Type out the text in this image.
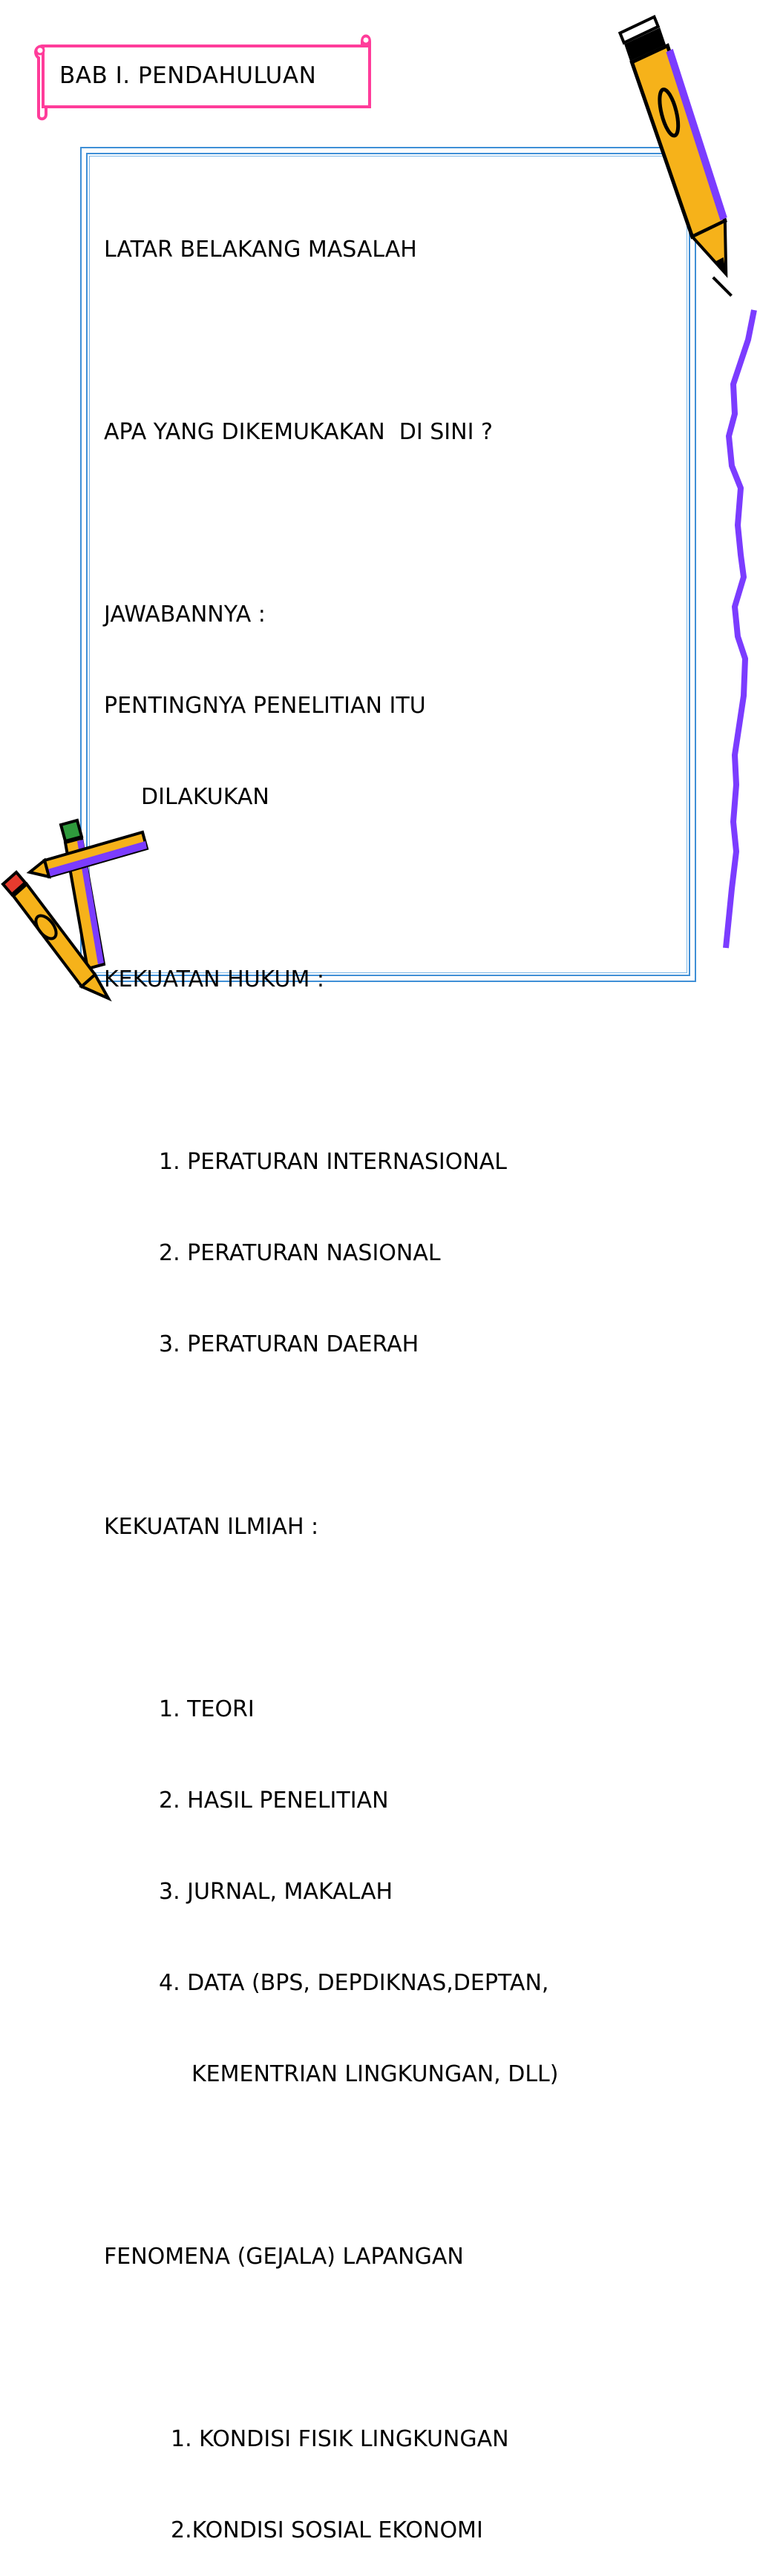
BAB I. PENDAHULUAN

LATAR BELAKANG MASALAH

APA YANG DIKEMUKAKAN  DI SINI ?

JAWABANNYA :

PENTINGNYA PENELITIAN ITU

DILAKUKAN

KEKUATAN HUKUM :

1. PERATURAN INTERNASIONAL

2. PERATURAN NASIONAL

3. PERATURAN DAERAH

KEKUATAN ILMIAH :

1. TEORI

2. HASIL PENELITIAN

3. JURNAL, MAKALAH

4. DATA (BPS, DEPDIKNAS,DEPTAN,

KEMENTRIAN LINGKUNGAN, DLL)

FENOMENA (GEJALA) LAPANGAN

1. KONDISI FISIK LINGKUNGAN

2.KONDISI SOSIAL EKONOMI
